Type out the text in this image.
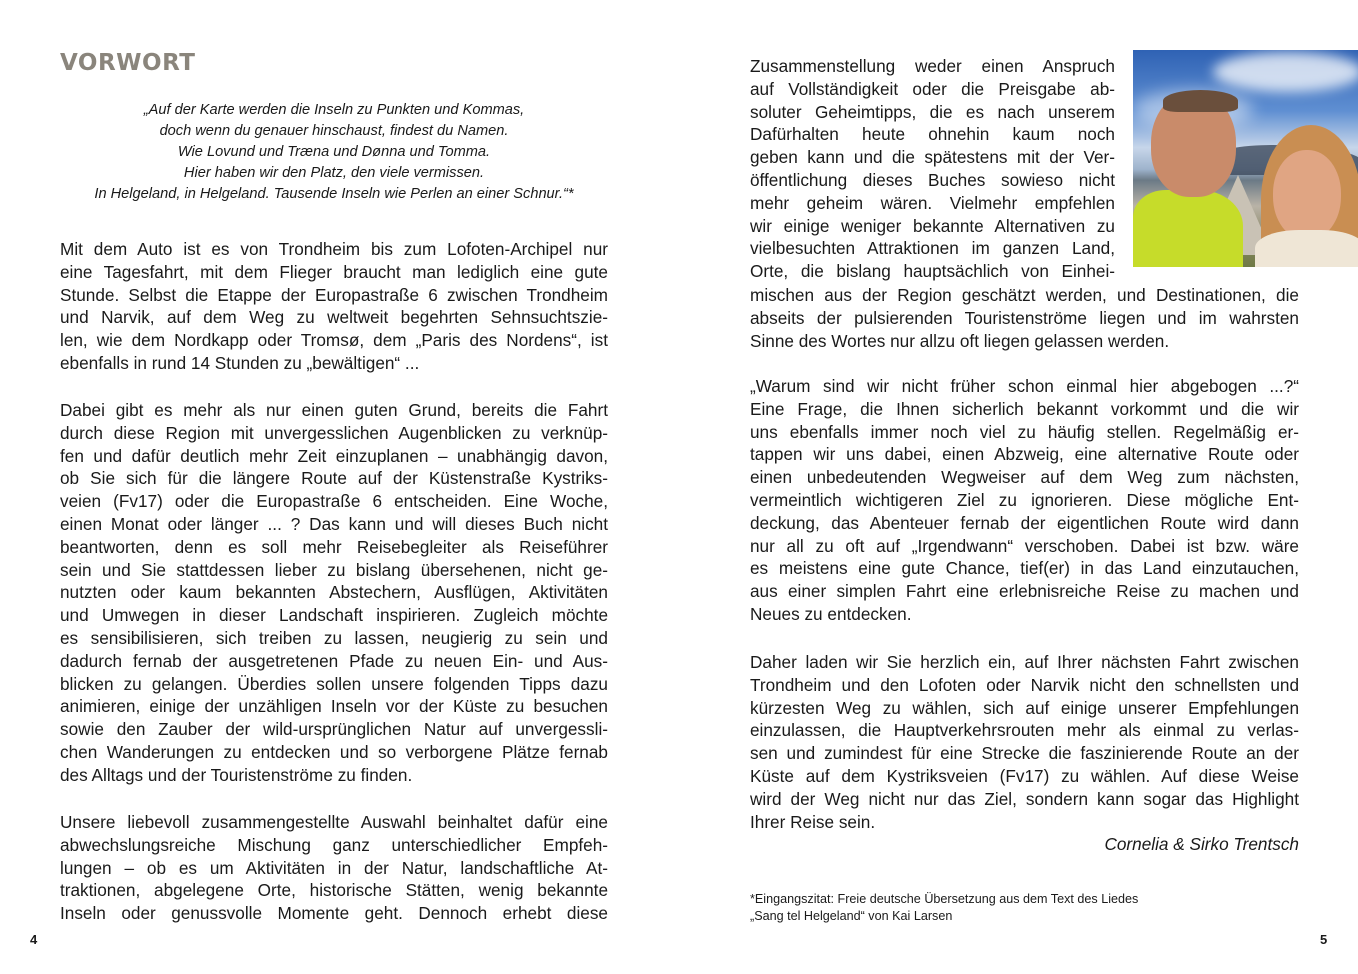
VORWORT
„Auf der Karte werden die Inseln zu Punkten und Kommas,
doch wenn du genauer hinschaust, findest du Namen.
Wie Lovund und Træna und Dønna und Tomma.
Hier haben wir den Platz, den viele vermissen.
In Helgeland, in Helgeland. Tausende Inseln wie Perlen an einer Schnur.“*
Mit dem Auto ist es von Trondheim bis zum Lofoten-Archipel nur
eine Tagesfahrt, mit dem Flieger braucht man lediglich eine gute
Stunde. Selbst die Etappe der Europastraße 6 zwischen Trondheim
und Narvik, auf dem Weg zu weltweit begehrten Sehnsuchtszie-
len, wie dem Nordkapp oder Tromsø, dem „Paris des Nordens“, ist
ebenfalls in rund 14 Stunden zu „bewältigen“ ...
Dabei gibt es mehr als nur einen guten Grund, bereits die Fahrt
durch diese Region mit unvergesslichen Augenblicken zu verknüp-
fen und dafür deutlich mehr Zeit einzuplanen – unabhängig davon,
ob Sie sich für die längere Route auf der Küstenstraße Kystriks-
veien (Fv17) oder die Europastraße 6 entscheiden. Eine Woche,
einen Monat oder länger ... ? Das kann und will dieses Buch nicht
beantworten, denn es soll mehr Reisebegleiter als Reiseführer
sein und Sie stattdessen lieber zu bislang übersehenen, nicht ge-
nutzten oder kaum bekannten Abstechern, Ausflügen, Aktivitäten
und Umwegen in dieser Landschaft inspirieren. Zugleich möchte
es sensibilisieren, sich treiben zu lassen, neugierig zu sein und
dadurch fernab der ausgetretenen Pfade zu neuen Ein- und Aus-
blicken zu gelangen. Überdies sollen unsere folgenden Tipps dazu
animieren, einige der unzähligen Inseln vor der Küste zu besuchen
sowie den Zauber der wild-ursprünglichen Natur auf unvergessli-
chen Wanderungen zu entdecken und so verborgene Plätze fernab
des Alltags und der Touristenströme zu finden.
Unsere liebevoll zusammengestellte Auswahl beinhaltet dafür eine
abwechslungsreiche Mischung ganz unterschiedlicher Empfeh-
lungen – ob es um Aktivitäten in der Natur, landschaftliche At-
traktionen, abgelegene Orte, historische Stätten, wenig bekannte
Inseln oder genussvolle Momente geht. Dennoch erhebt diese
4
Zusammenstellung weder einen Anspruch
auf Vollständigkeit oder die Preisgabe ab-
soluter Geheimtipps, die es nach unserem
Dafürhalten heute ohnehin kaum noch
geben kann und die spätestens mit der Ver-
öffentlichung dieses Buches sowieso nicht
mehr geheim wären. Vielmehr empfehlen
wir einige weniger bekannte Alternativen zu
vielbesuchten Attraktionen im ganzen Land,
Orte, die bislang hauptsächlich von Einhei-
mischen aus der Region geschätzt werden, und Destinationen, die
abseits der pulsierenden Touristenströme liegen und im wahrsten
Sinne des Wortes nur allzu oft liegen gelassen werden.
„Warum sind wir nicht früher schon einmal hier abgebogen ...?“
Eine Frage, die Ihnen sicherlich bekannt vorkommt und die wir
uns ebenfalls immer noch viel zu häufig stellen. Regelmäßig er-
tappen wir uns dabei, einen Abzweig, eine alternative Route oder
einen unbedeutenden Wegweiser auf dem Weg zum nächsten,
vermeintlich wichtigeren Ziel zu ignorieren. Diese mögliche Ent-
deckung, das Abenteuer fernab der eigentlichen Route wird dann
nur all zu oft auf „Irgendwann“ verschoben. Dabei ist bzw. wäre
es meistens eine gute Chance, tief(er) in das Land einzutauchen,
aus einer simplen Fahrt eine erlebnisreiche Reise zu machen und
Neues zu entdecken.
Daher laden wir Sie herzlich ein, auf Ihrer nächsten Fahrt zwischen
Trondheim und den Lofoten oder Narvik nicht den schnellsten und
kürzesten Weg zu wählen, sich auf einige unserer Empfehlungen
einzulassen, die Hauptverkehrsrouten mehr als einmal zu verlas-
sen und zumindest für eine Strecke die faszinierende Route an der
Küste auf dem Kystriksveien (Fv17) zu wählen. Auf diese Weise
wird der Weg nicht nur das Ziel, sondern kann sogar das Highlight
Ihrer Reise sein.
Cornelia & Sirko Trentsch
*Eingangszitat: Freie deutsche Übersetzung aus dem Text des Liedes
„Sang tel Helgeland“ von Kai Larsen
5
